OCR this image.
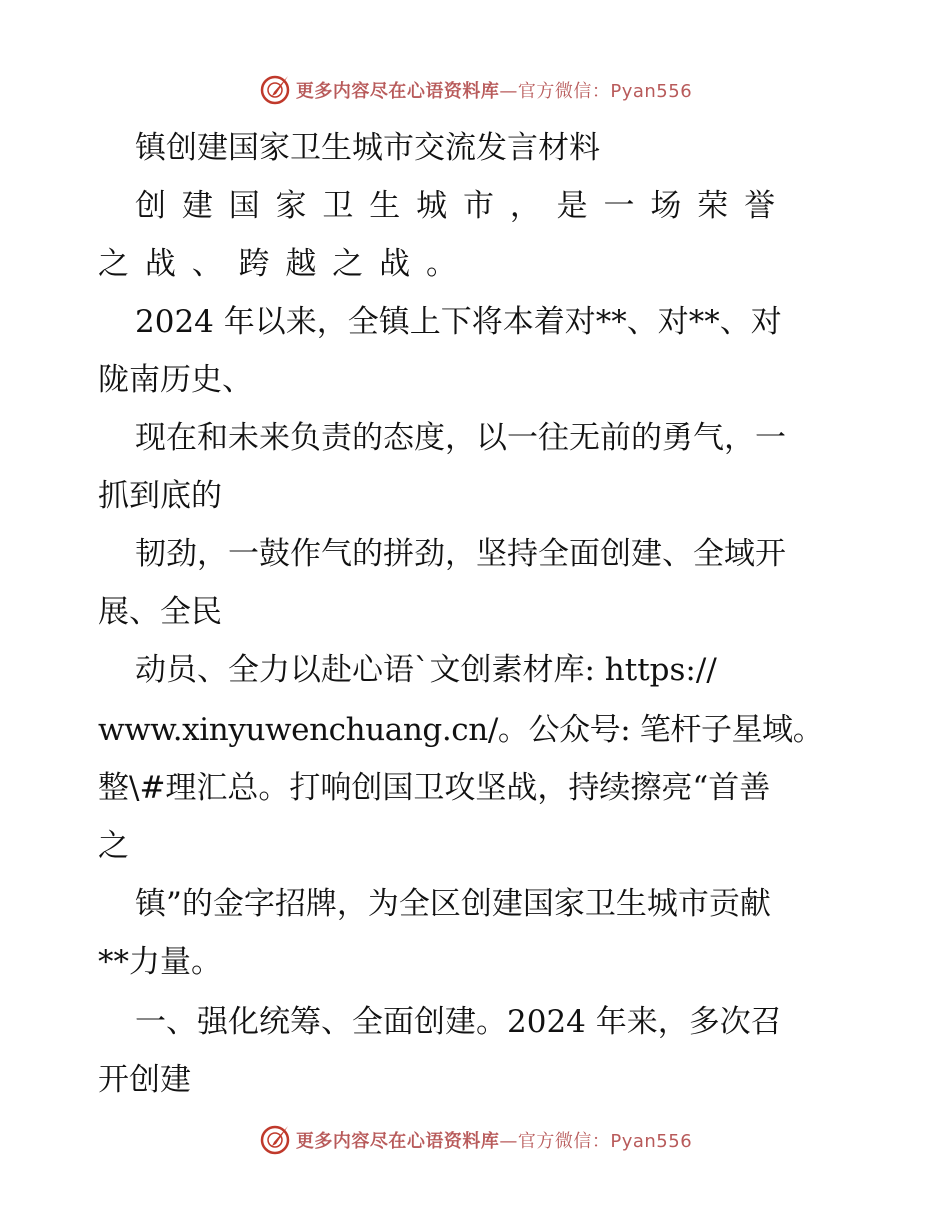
更多内容尽在心语资料库—官方微信：Pyan556
镇创建国家卫生城市交流发言材料
创 建 国 家 卫 生 城 市 ， 是 一 场 荣 誉
之 战 、 跨 越 之 战 。
2024 年以来，全镇上下将本着对**、对**、对
陇南历史、
现在和未来负责的态度，以一往无前的勇气，一
抓到底的
韧劲，一鼓作气的拼劲，坚持全面创建、全域开
展、全民
动员、全力以赴心语`文创素材库: https://
www.xinyuwenchuang.cn/。公众号: 笔杆子星域。
整\#理汇总。打响创国卫攻坚战，持续擦亮“首善
之
镇”的金字招牌，为全区创建国家卫生城市贡献
**力量。
一、强化统筹、全面创建。2024 年来，多次召
开创建
更多内容尽在心语资料库—官方微信：Pyan556
